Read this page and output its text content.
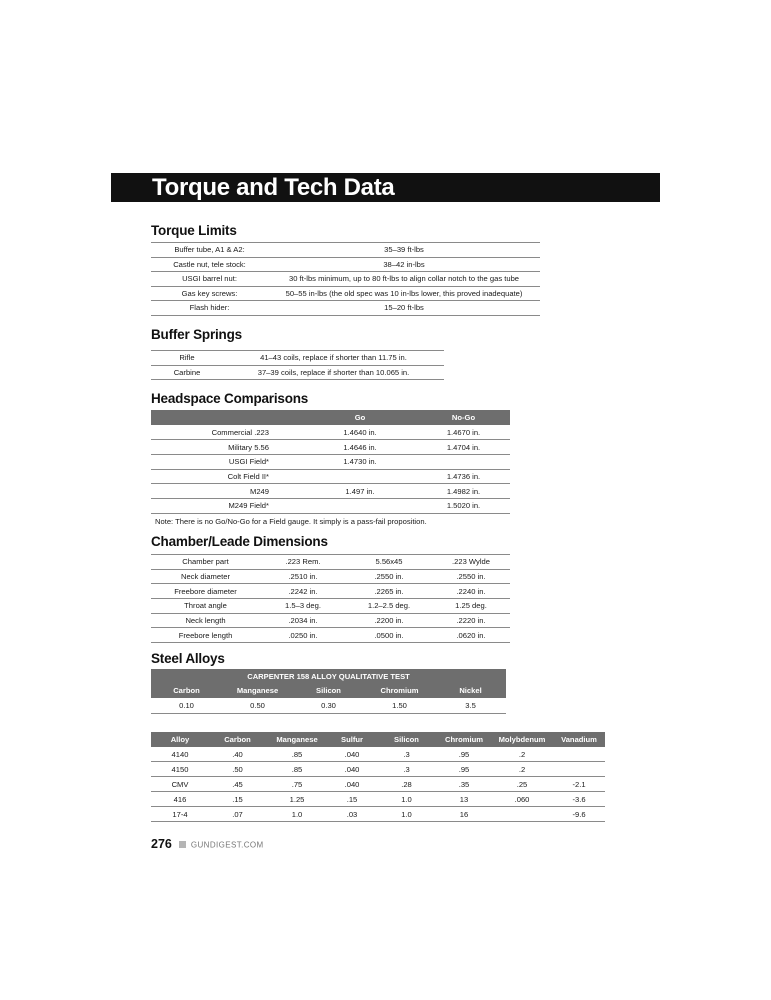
Torque and Tech Data
Torque Limits
Buffer tube, A1 & A2:	35–39 ft-lbs
Castle nut, tele stock:	38–42 in-lbs
USGI barrel nut:	30 ft-lbs minimum, up to 80 ft-lbs to align collar notch to the gas tube
Gas key screws:	50–55 in-lbs (the old spec was 10 in-lbs lower, this proved inadequate)
Flash hider:	15–20 ft-lbs
Buffer Springs
Rifle	41–43 coils, replace if shorter than 11.75 in.
Carbine	37–39 coils, replace if shorter than 10.065 in.
Headspace Comparisons
	Go	No-Go
Commercial .223	1.4640 in.	1.4670 in.
Military 5.56	1.4646 in.	1.4704 in.
USGI Field*	1.4730 in.	
Colt Field II*		1.4736 in.
M249	1.497 in.	1.4982 in.
M249 Field*		1.5020 in.
Note: There is no Go/No-Go for a Field gauge. It simply is a pass-fail proposition.
Chamber/Leade Dimensions
Chamber part	.223 Rem.	5.56x45	.223 Wylde
Neck diameter	.2510 in.	.2550 in.	.2550 in.
Freebore diameter	.2242 in.	.2265 in.	.2240 in.
Throat angle	1.5–3 deg.	1.2–2.5 deg.	1.25 deg.
Neck length	.2034 in.	.2200 in.	.2220 in.
Freebore length	.0250 in.	.0500 in.	.0620 in.
Steel Alloys
CARPENTER 158 ALLOY QUALITATIVE TEST				
Carbon	Manganese	Silicon	Chromium	Nickel
0.10	0.50	0.30	1.50	3.5
Alloy	Carbon	Manganese	Sulfur	Silicon	Chromium	Molybdenum	Vanadium
4140	.40	.85	.040	.3	.95	.2	
4150	.50	.85	.040	.3	.95	.2	
CMV	.45	.75	.040	.28	.35	.25	-2.1
416	.15	1.25	.15	1.0	13	.060	-3.6
17-4	.07	1.0	.03	1.0	16		-9.6
276 GUNDIGEST.COM
